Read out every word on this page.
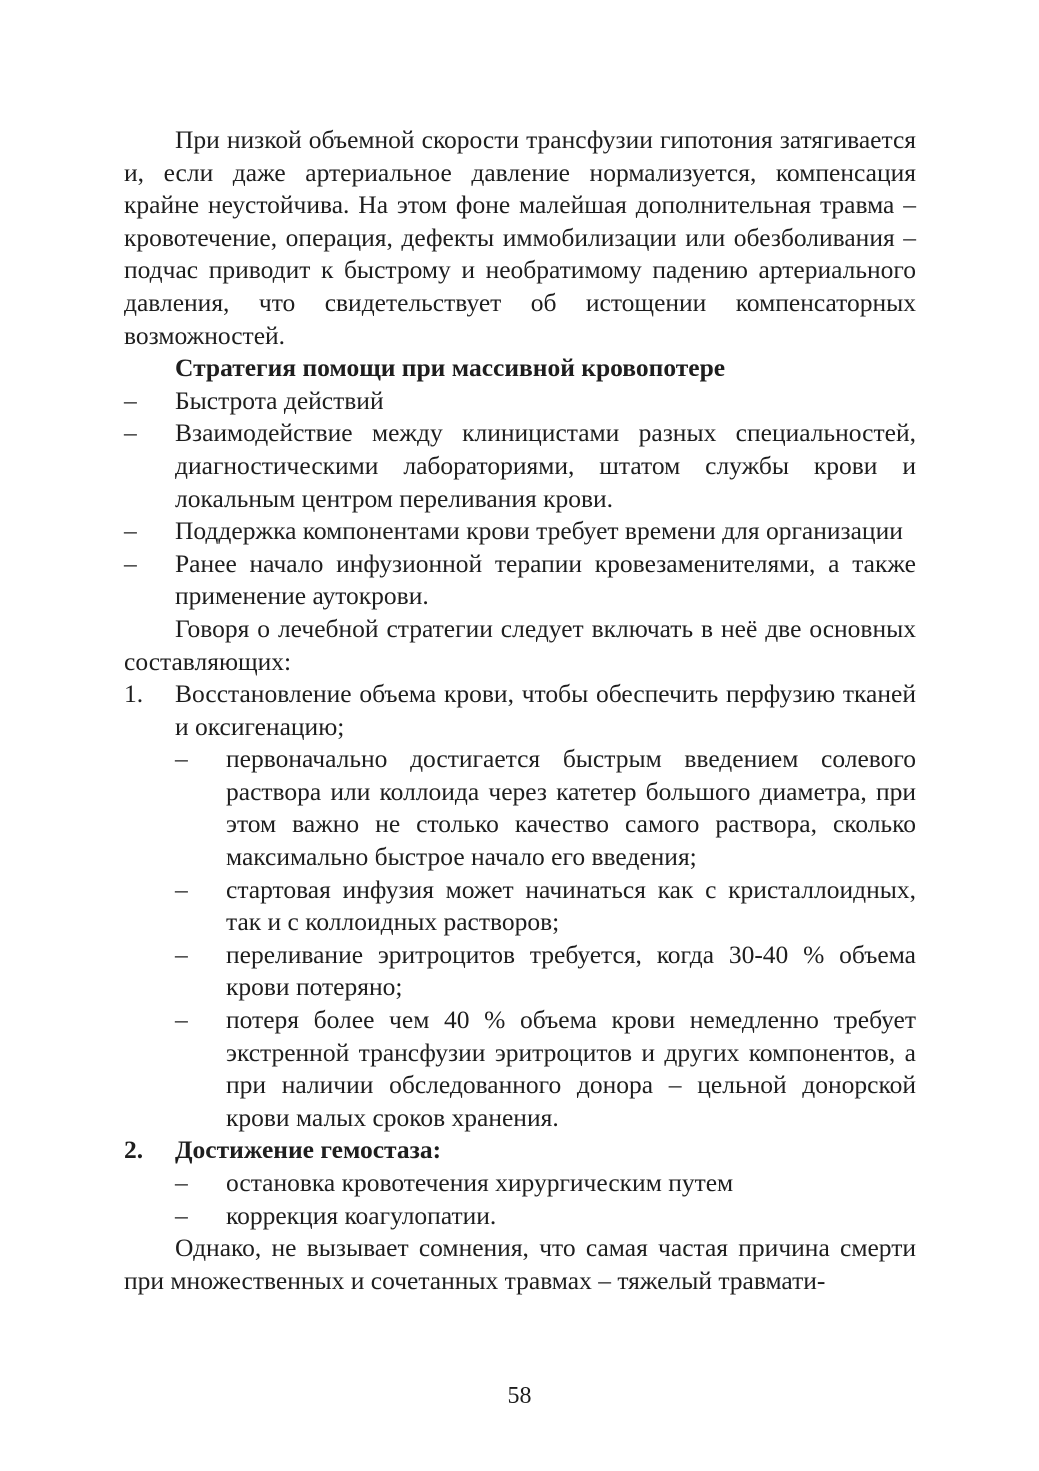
При низкой объемной скорости трансфузии гипотония затягивается и, если даже артериальное давление нормализуется, компенсация крайне неустойчива. На этом фоне малейшая дополнительная травма – кровотечение, операция, дефекты иммобилизации или обезболивания – подчас приводит к быстрому и необратимому падению артериального давления, что свидетельствует об истощении компенсаторных возможностей.

Стратегия помощи при массивной кровопотере

–	Быстрота действий
–	Взаимодействие между клиницистами разных специальностей, диагностическими лабораториями, штатом службы крови и локальным центром переливания крови.
–	Поддержка компонентами крови требует времени для организации
–	Ранее начало инфузионной терапии кровезаменителями, а также применение аутокрови.

Говоря о лечебной стратегии следует включать в неё две основных составляющих:

1.	Восстановление объема крови, чтобы обеспечить перфузию тканей и оксигенацию;
–	первоначально достигается быстрым введением солевого раствора или коллоида через катетер большого диаметра, при этом важно не столько качество самого раствора, сколько максимально быстрое начало его введения;
–	стартовая инфузия может начинаться как с кристаллоидных, так и с коллоидных растворов;
–	переливание эритроцитов требуется, когда 30-40 % объема крови потеряно;
–	потеря более чем 40 % объема крови немедленно требует экстренной трансфузии эритроцитов и других компонентов, а при наличии обследованного донора – цельной донорской крови малых сроков хранения.
2.	Достижение гемостаза:
–	остановка кровотечения хирургическим путем
–	коррекция коагулопатии.

Однако, не вызывает сомнения, что самая частая причина смерти при множественных и сочетанных травмах – тяжелый травмати-

58
